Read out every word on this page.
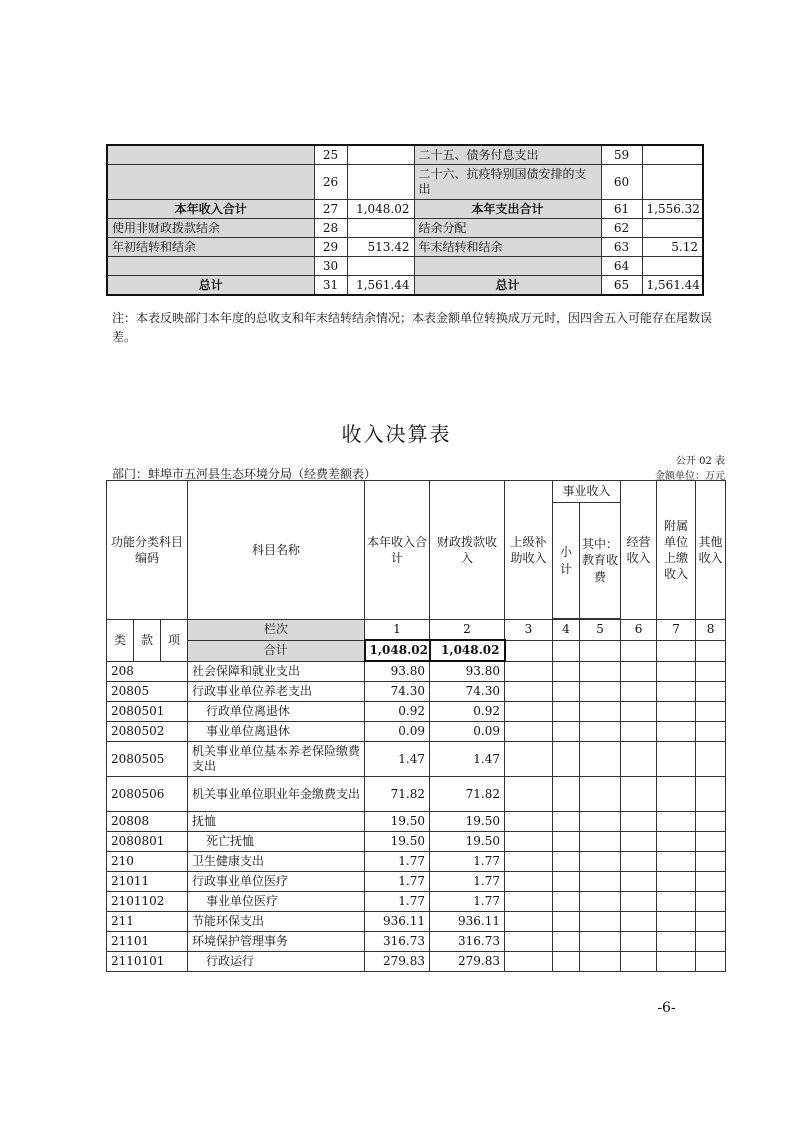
	25		二十五、债务付息支出	59	
	26		二十六、抗疫特别国债安排的支出	60	
本年收入合计	27	1,048.02	本年支出合计	61	1,556.32
使用非财政拨款结余	28		结余分配	62	
年初结转和结余	29	513.42	年末结转和结余	63	5.12
	30			64	
总计	31	1,561.44	总计	65	1,561.44
注：本表反映部门本年度的总收支和年末结转结余情况；本表金额单位转换成万元时，因四舍五入可能存在尾数误差。
收入决算表
公开 02 表
部门：蚌埠市五河县生态环境分局（经费差额表）	金额单位：万元
功能分类科目编码			科目名称	本年收入合计	财政拨款收入	上级补助收入	事业收入		经营收入	附属单位上缴收入	其他收入
							小计	其中：教育收费			

类	款	项	栏次	1	2	3	4	5	6	7	8
			合计	1,048.02	1,048.02						
208			社会保障和就业支出	93.80	93.80						
20805			行政事业单位养老支出	74.30	74.30						
2080501			行政单位离退休	0.92	0.92						
2080502			事业单位离退休	0.09	0.09						
2080505			机关事业单位基本养老保险缴费支出	1.47	1.47						
2080506			机关事业单位职业年金缴费支出	71.82	71.82						
20808			抚恤	19.50	19.50						
2080801			死亡抚恤	19.50	19.50						
210			卫生健康支出	1.77	1.77						
21011			行政事业单位医疗	1.77	1.77						
2101102			事业单位医疗	1.77	1.77						
211			节能环保支出	936.11	936.11						
21101			环境保护管理事务	316.73	316.73						
2110101			行政运行	279.83	279.83						
-6-
